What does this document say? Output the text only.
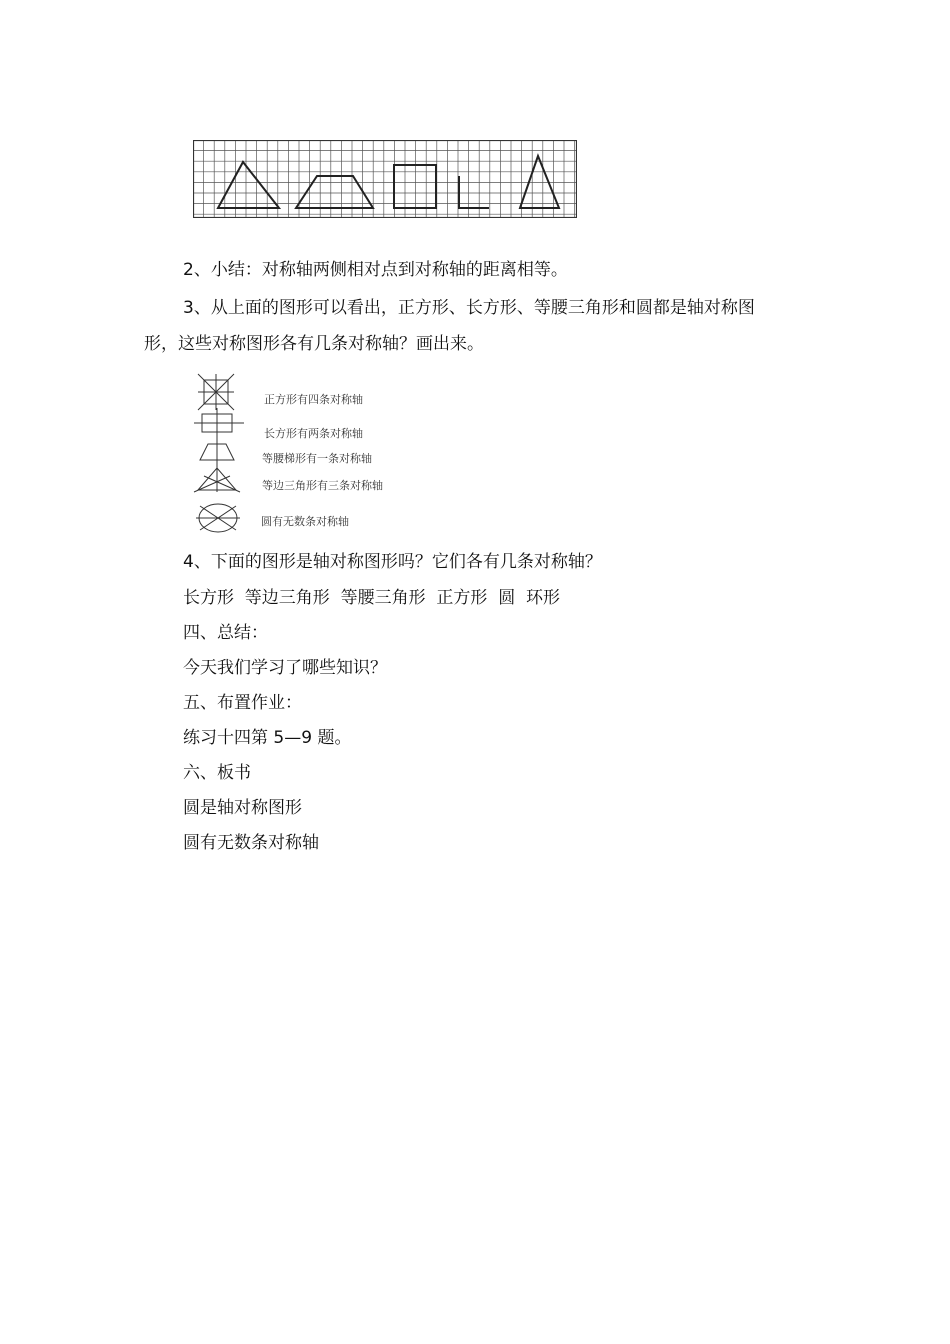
2、小结：对称轴两侧相对点到对称轴的距离相等。
3、从上面的图形可以看出，正方形、长方形、等腰三角形和圆都是轴对称图
形，这些对称图形各有几条对称轴？画出来。
正方形有四条对称轴
长方形有两条对称轴
等腰梯形有一条对称轴
等边三角形有三条对称轴
圆有无数条对称轴
4、下面的图形是轴对称图形吗？它们各有几条对称轴？
长方形  等边三角形  等腰三角形  正方形  圆  环形
四、总结：
今天我们学习了哪些知识？
五、布置作业：
练习十四第 5—9 题。
六、板书
圆是轴对称图形
圆有无数条对称轴
